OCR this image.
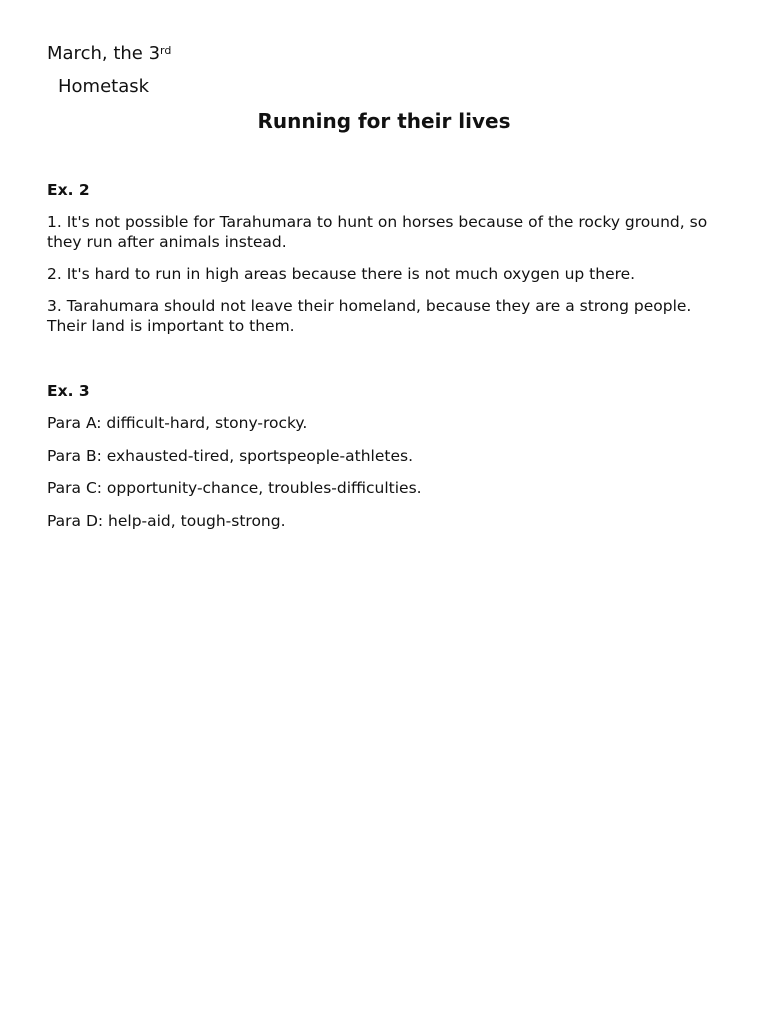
March, the 3rd
Hometask
Running for their lives
Ex. 2
1. It's not possible for Tarahumara to hunt on horses because of the rocky ground, so they run after animals instead.
2. It's hard to run in high areas because there is not much oxygen up there.
3. Tarahumara should not leave their homeland, because they are a strong people. Their land is important to them.
Ex. 3
Para A: difficult-hard, stony-rocky.
Para B: exhausted-tired, sportspeople-athletes.
Para C: opportunity-chance, troubles-difficulties.
Para D: help-aid, tough-strong.
